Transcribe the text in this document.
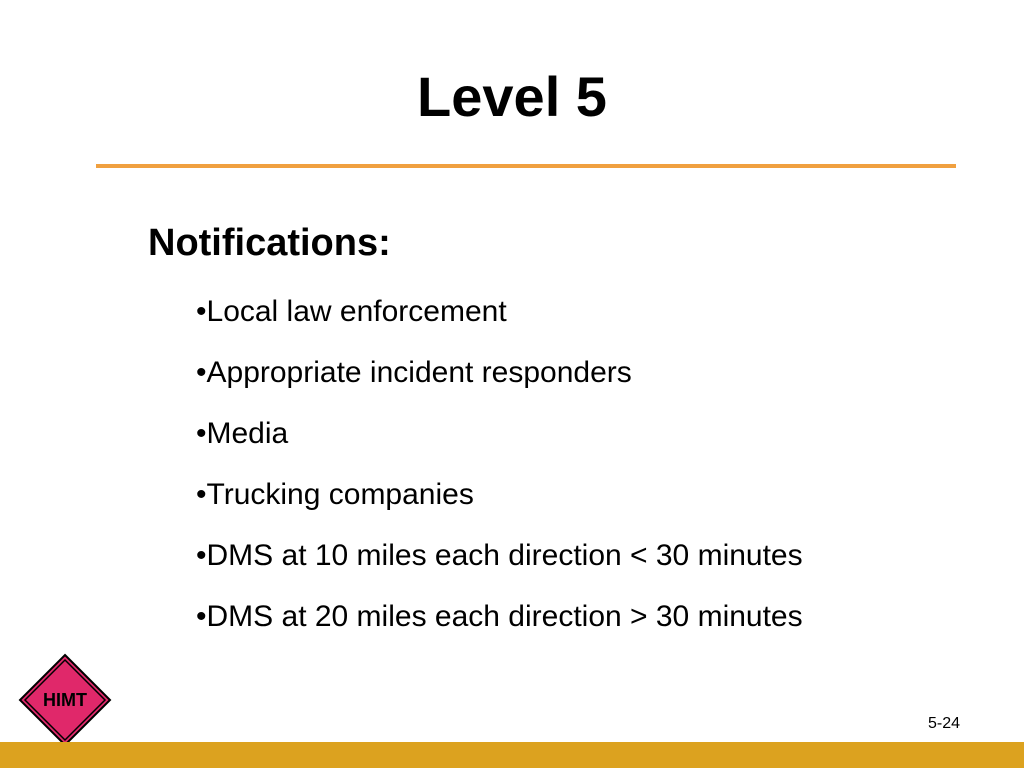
Level 5
Notifications:
•Local law enforcement
•Appropriate incident responders
•Media
•Trucking companies
•DMS at 10 miles each direction < 30 minutes
•DMS at 20 miles each direction > 30 minutes
HIMT
5-24
